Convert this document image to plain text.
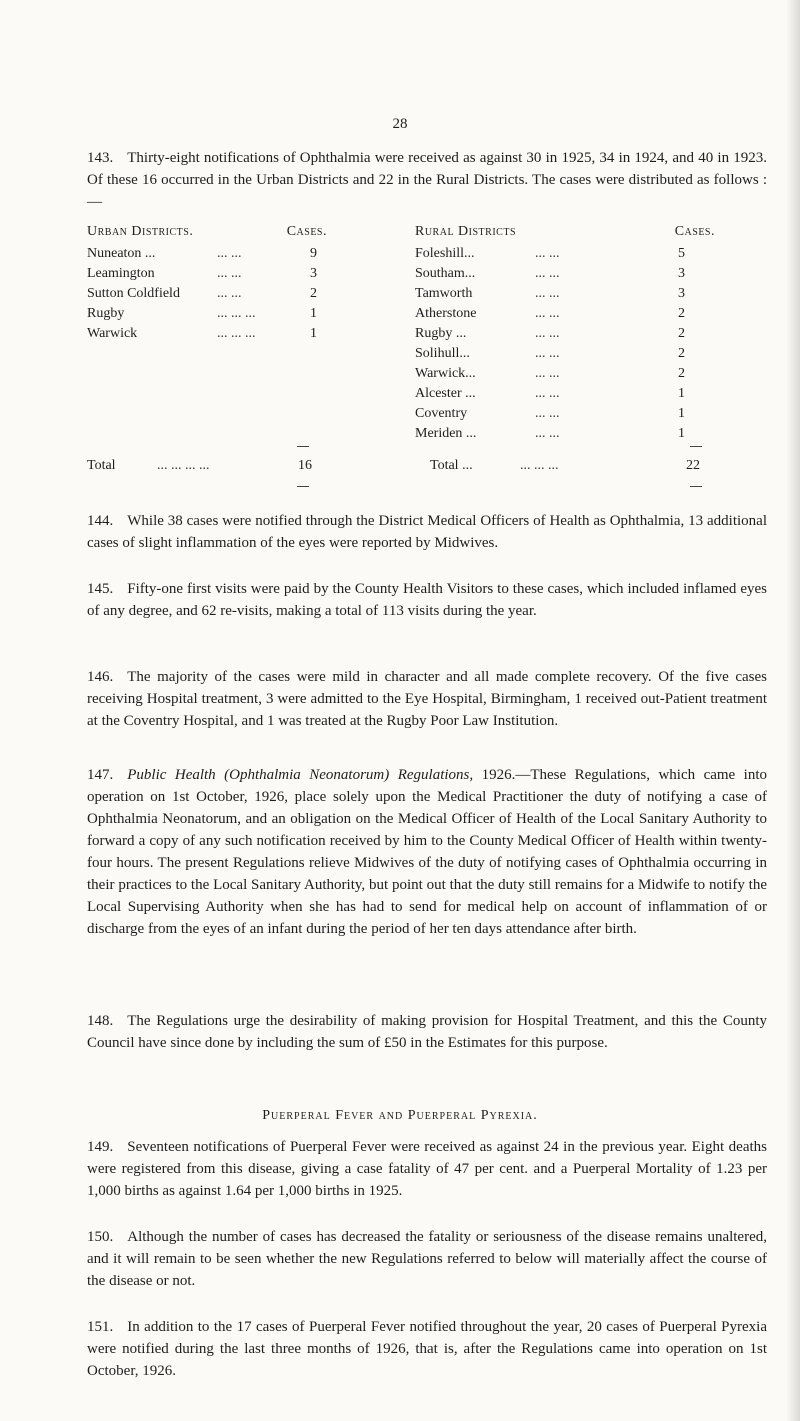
28
143. Thirty-eight notifications of Ophthalmia were received as against 30 in 1925, 34 in 1924, and 40 in 1923. Of these 16 occurred in the Urban Districts and 22 in the Rural Districts. The cases were distributed as follows :—
Urban Districts.	Cases.
Nuneaton ...	... ...	9
Leamington	... ...	3
Sutton Coldfield	... ...	2
Rugby	... ... ...	1
Warwick	... ... ...	1
Rural Districts	Cases.
Foleshill...	... ...	5
Southam...	... ...	3
Tamworth	... ...	3
Atherstone	... ...	2
Rugby ...	... ...	2
Solihull...	... ...	2
Warwick...	... ...	2
Alcester ...	... ...	1
Coventry	... ...	1
Meriden ...	... ...	1
Total	... ... ... ...	16	Total ...	... ... ...	22
144. While 38 cases were notified through the District Medical Officers of Health as Ophthalmia, 13 additional cases of slight inflammation of the eyes were reported by Midwives.
145. Fifty-one first visits were paid by the County Health Visitors to these cases, which included inflamed eyes of any degree, and 62 re-visits, making a total of 113 visits during the year.
146. The majority of the cases were mild in character and all made complete recovery. Of the five cases receiving Hospital treatment, 3 were admitted to the Eye Hospital, Birmingham, 1 received out-Patient treatment at the Coventry Hospital, and 1 was treated at the Rugby Poor Law Institution.
147. Public Health (Ophthalmia Neonatorum) Regulations, 1926.—These Regulations, which came into operation on 1st October, 1926, place solely upon the Medical Practitioner the duty of notifying a case of Ophthalmia Neonatorum, and an obligation on the Medical Officer of Health of the Local Sanitary Authority to forward a copy of any such notification received by him to the County Medical Officer of Health within twenty-four hours. The present Regulations relieve Midwives of the duty of notifying cases of Ophthalmia occurring in their practices to the Local Sanitary Authority, but point out that the duty still remains for a Midwife to notify the Local Supervising Authority when she has had to send for medical help on account of inflammation of or discharge from the eyes of an infant during the period of her ten days attendance after birth.
148. The Regulations urge the desirability of making provision for Hospital Treatment, and this the County Council have since done by including the sum of £50 in the Estimates for this purpose.
Puerperal Fever and Puerperal Pyrexia.
149. Seventeen notifications of Puerperal Fever were received as against 24 in the previous year. Eight deaths were registered from this disease, giving a case fatality of 47 per cent. and a Puerperal Mortality of 1.23 per 1,000 births as against 1.64 per 1,000 births in 1925.
150. Although the number of cases has decreased the fatality or seriousness of the disease remains unaltered, and it will remain to be seen whether the new Regulations referred to below will materially affect the course of the disease or not.
151. In addition to the 17 cases of Puerperal Fever notified throughout the year, 20 cases of Puerperal Pyrexia were notified during the last three months of 1926, that is, after the Regulations came into operation on 1st October, 1926.
